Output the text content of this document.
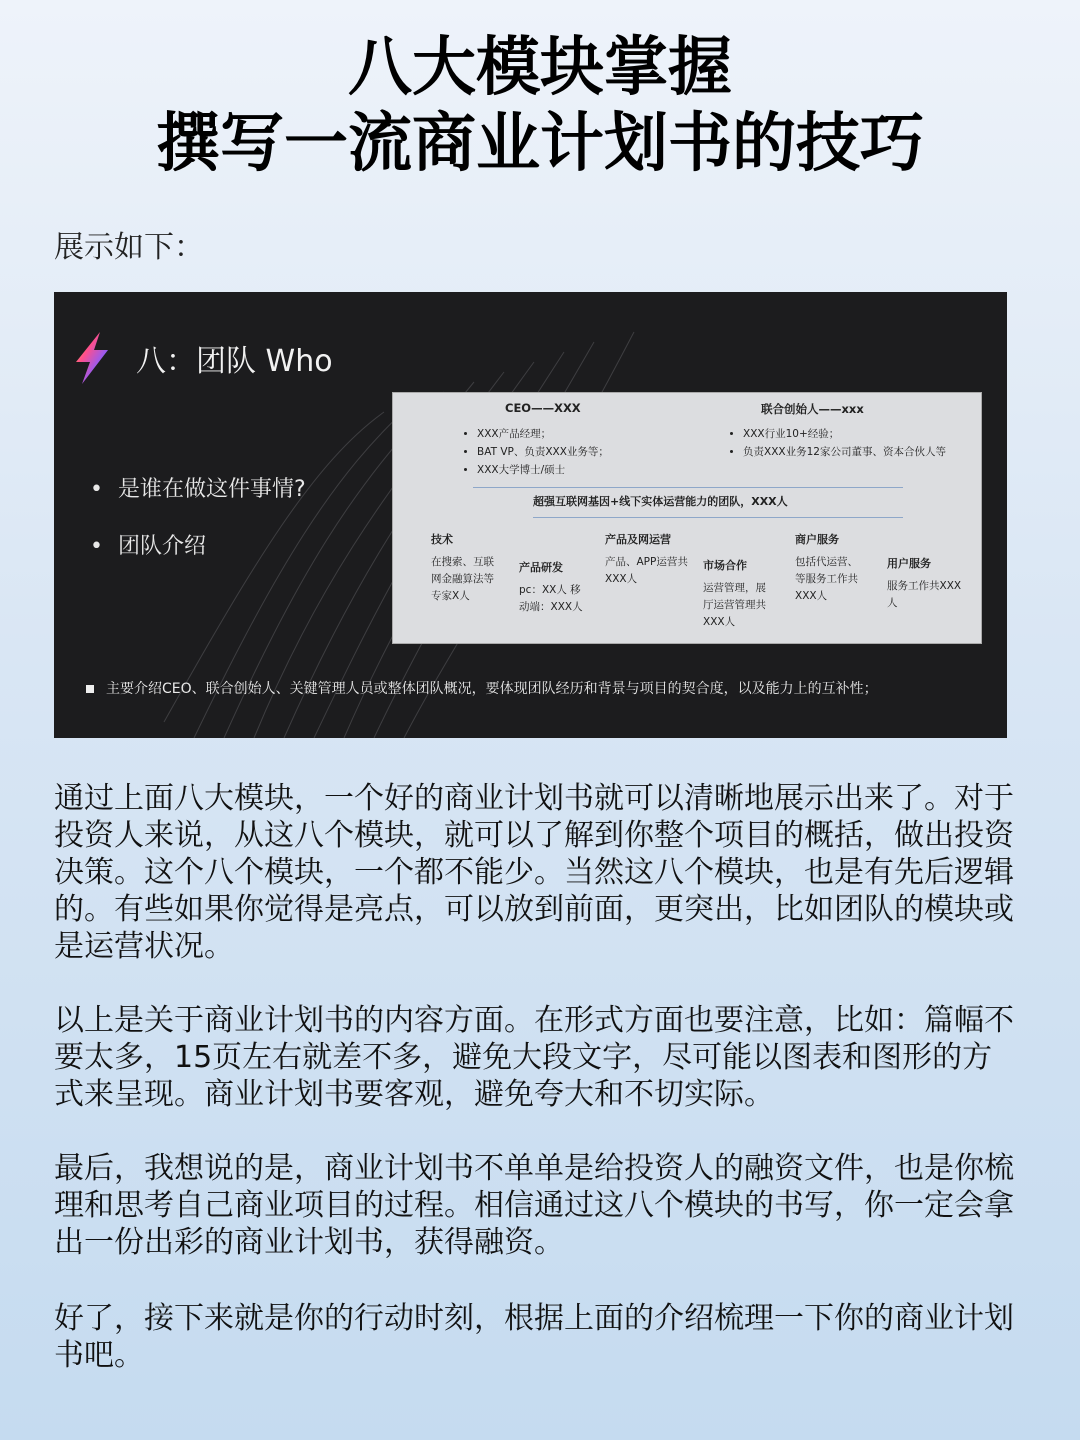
八大模块掌握
撰写一流商业计划书的技巧
展示如下：
八：团队 Who
• 是谁在做这件事情?
• 团队介绍
CEO——XXX
• XXX产品经理；
• BAT VP、负责XXX业务等；
• XXX大学博士/硕士
联合创始人——xxx
• XXX行业10+经验；
• 负责XXX业务12家公司董事、资本合伙人等
超强互联网基因+线下实体运营能力的团队，XXX人
技术
在搜索、互联网金融算法等专家X人
产品研发
pc：XX人 移动端：XXX人
产品及网运营
产品、APP运营共XXX人
市场合作
运营管理，展厅运营管理共XXX人
商户服务
包括代运营、等服务工作共XXX人
用户服务
服务工作共XXX人
主要介绍CEO、联合创始人、关键管理人员或整体团队概况，要体现团队经历和背景与项目的契合度，以及能力上的互补性；

通过上面八大模块，一个好的商业计划书就可以清晰地展示出来了。对于投资人来说，从这八个模块，就可以了解到你整个项目的概括，做出投资决策。这个八个模块，一个都不能少。当然这八个模块，也是有先后逻辑的。有些如果你觉得是亮点，可以放到前面，更突出，比如团队的模块或是运营状况。

以上是关于商业计划书的内容方面。在形式方面也要注意，比如：篇幅不要太多，15页左右就差不多，避免大段文字，尽可能以图表和图形的方式来呈现。商业计划书要客观，避免夸大和不切实际。

最后，我想说的是，商业计划书不单单是给投资人的融资文件，也是你梳理和思考自己商业项目的过程。相信通过这八个模块的书写，你一定会拿出一份出彩的商业计划书，获得融资。

好了，接下来就是你的行动时刻，根据上面的介绍梳理一下你的商业计划书吧。
